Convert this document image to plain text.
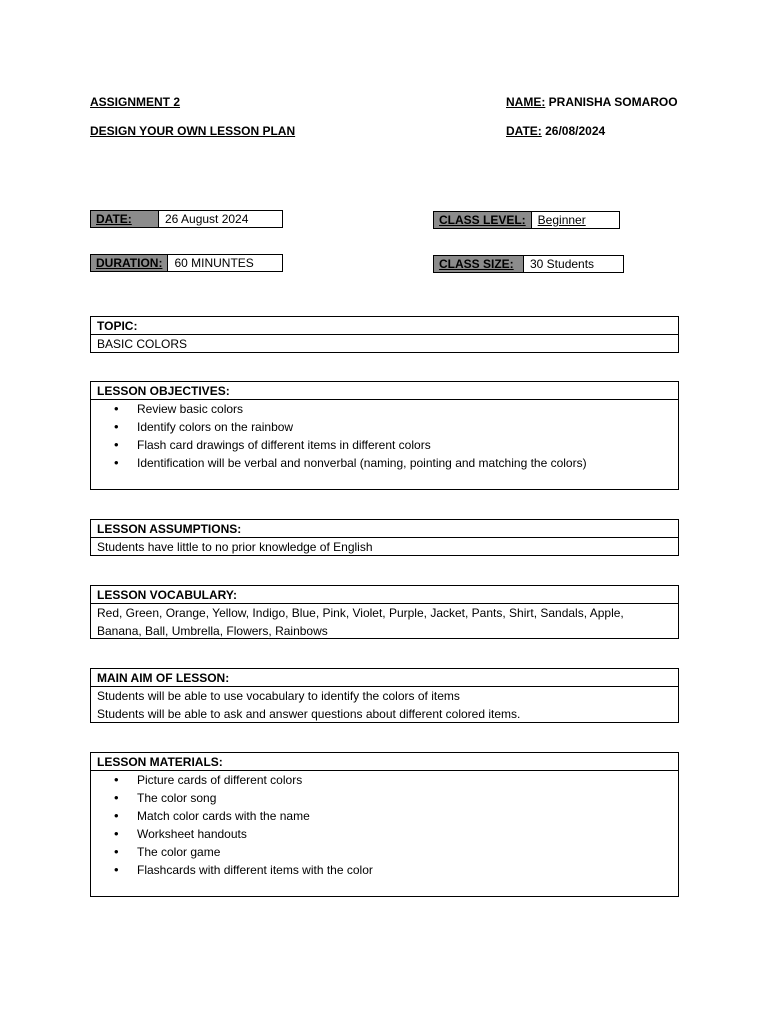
ASSIGNMENT 2
DESIGN YOUR OWN LESSON PLAN
NAME: PRANISHA SOMAROO
DATE: 26/08/2024
DATE:	26 August 2024
DURATION:	60 MINUNTES
CLASS LEVEL:	Beginner
CLASS SIZE:	30 Students
TOPIC:
BASIC COLORS
LESSON OBJECTIVES:
• Review basic colors
• Identify colors on the rainbow
• Flash card drawings of different items in different colors
• Identification will be verbal and nonverbal (naming, pointing and matching the colors)
LESSON ASSUMPTIONS:
Students have little to no prior knowledge of English
LESSON VOCABULARY:
Red, Green, Orange, Yellow, Indigo, Blue, Pink, Violet, Purple, Jacket, Pants, Shirt, Sandals, Apple,
Banana, Ball, Umbrella, Flowers, Rainbows
MAIN AIM OF LESSON:
Students will be able to use vocabulary to identify the colors of items
Students will be able to ask and answer questions about different colored items.
LESSON MATERIALS:
• Picture cards of different colors
• The color song
• Match color cards with the name
• Worksheet handouts
• The color game
• Flashcards with different items with the color
